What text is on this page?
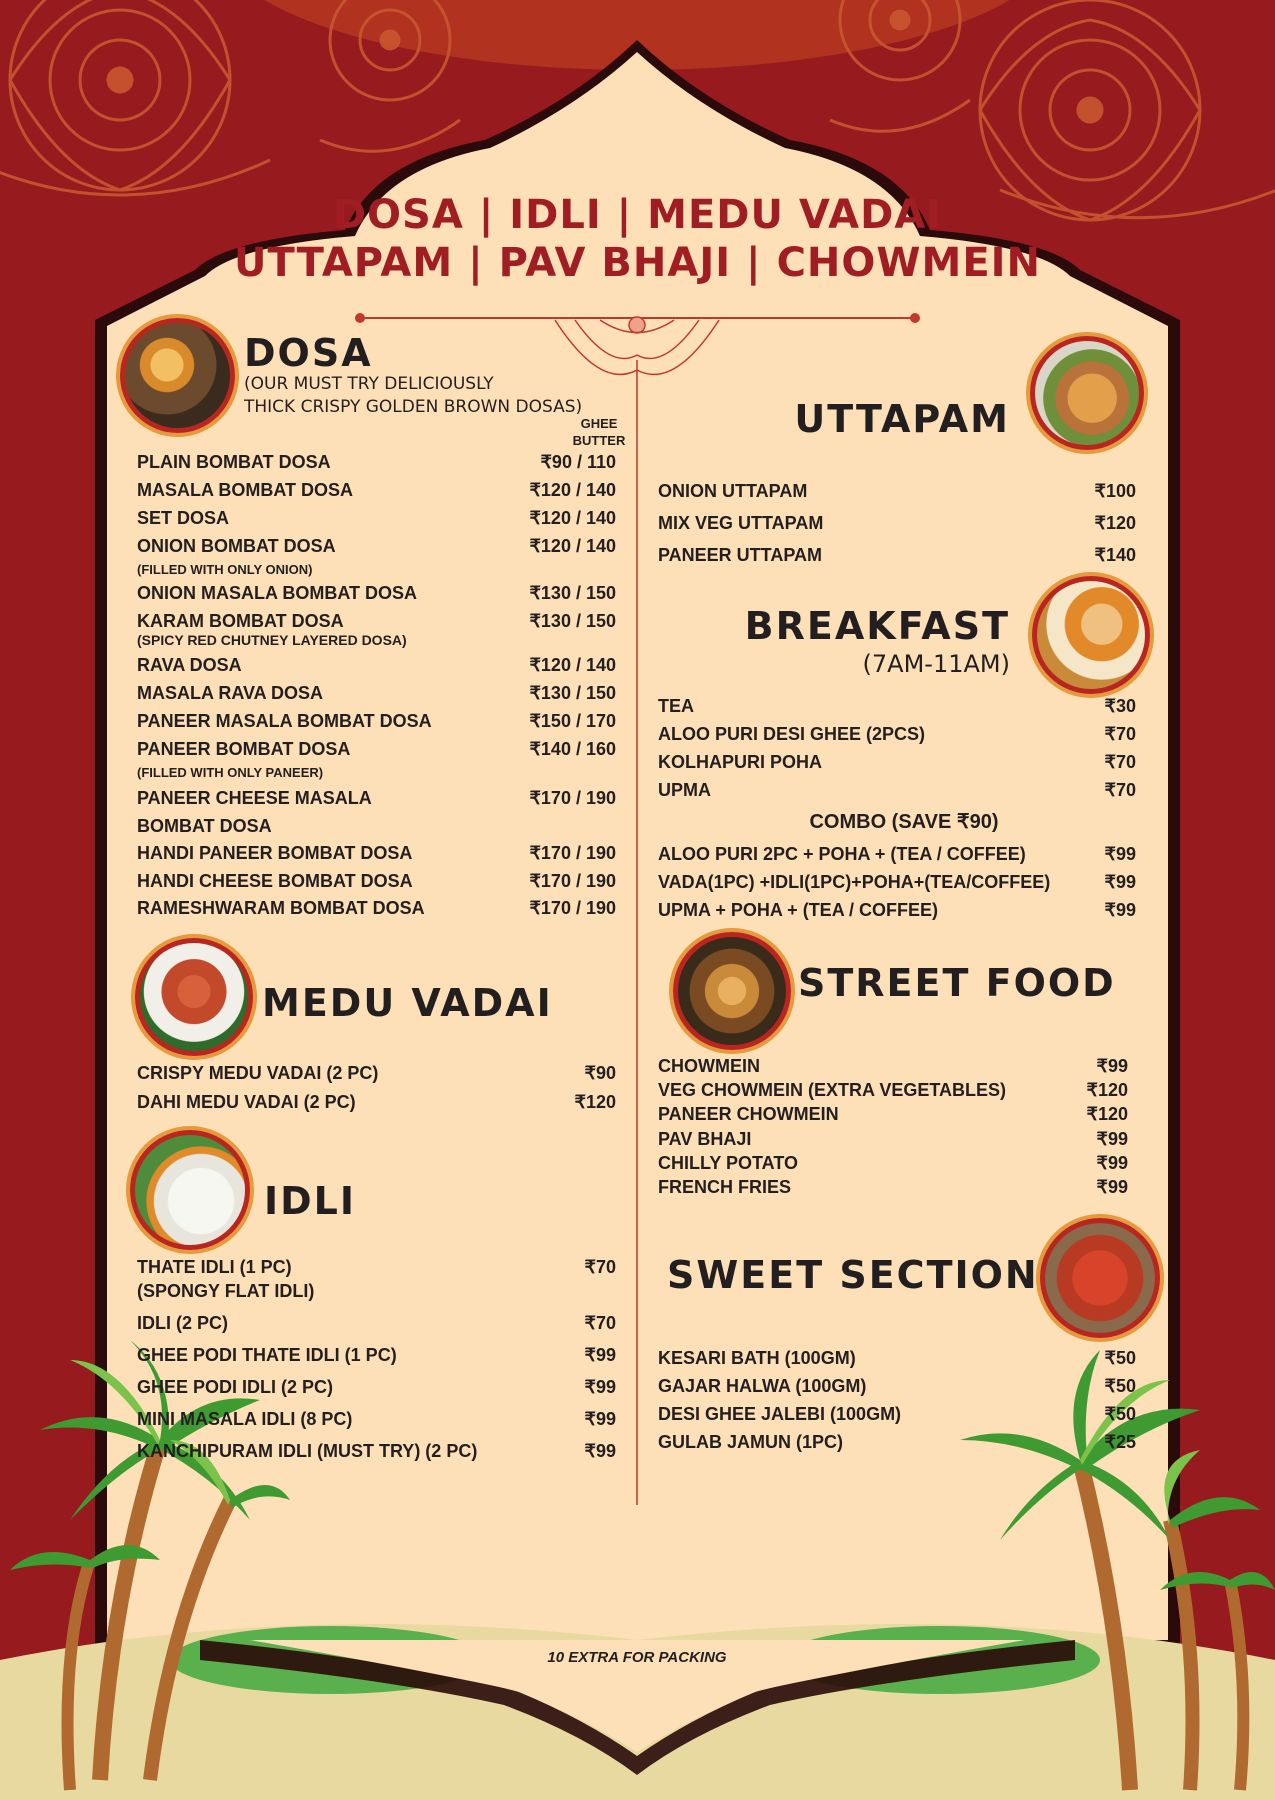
DOSA | IDLI | MEDU VADAI
UTTAPAM | PAV BHAJI | CHOWMEIN
DOSA
(OUR MUST TRY DELICIOUSLY
THICK CRISPY GOLDEN BROWN DOSAS)
GHEE
BUTTER
PLAIN BOMBAT DOSA	₹90 / 110
MASALA BOMBAT DOSA	₹120 / 140
SET DOSA	₹120 / 140
ONION BOMBAT DOSA	₹120 / 140
(FILLED WITH ONLY ONION)
ONION MASALA BOMBAT DOSA	₹130 / 150
KARAM BOMBAT DOSA	₹130 / 150
(SPICY RED CHUTNEY LAYERED DOSA)
RAVA DOSA	₹120 / 140
MASALA RAVA DOSA	₹130 / 150
PANEER MASALA BOMBAT DOSA	₹150 / 170
PANEER BOMBAT DOSA	₹140 / 160
(FILLED WITH ONLY PANEER)
PANEER CHEESE MASALA	₹170 / 190
BOMBAT DOSA
HANDI PANEER BOMBAT DOSA	₹170 / 190
HANDI CHEESE BOMBAT DOSA	₹170 / 190
RAMESHWARAM BOMBAT DOSA	₹170 / 190
MEDU VADAI
CRISPY MEDU VADAI (2 PC)	₹90
DAHI MEDU VADAI (2 PC)	₹120
IDLI
THATE IDLI (1 PC)	₹70
(SPONGY FLAT IDLI)
IDLI (2 PC)	₹70
GHEE PODI THATE IDLI (1 PC)	₹99
GHEE PODI IDLI (2 PC)	₹99
MINI MASALA IDLI (8 PC)	₹99
KANCHIPURAM IDLI (MUST TRY) (2 PC)	₹99
UTTAPAM
ONION UTTAPAM	₹100
MIX VEG UTTAPAM	₹120
PANEER UTTAPAM	₹140
BREAKFAST
(7AM-11AM)
TEA	₹30
ALOO PURI DESI GHEE (2PCS)	₹70
KOLHAPURI POHA	₹70
UPMA	₹70
COMBO (SAVE ₹90)
ALOO PURI 2PC + POHA + (TEA / COFFEE)	₹99
VADA(1PC) +IDLI(1PC)+POHA+(TEA/COFFEE)	₹99
UPMA + POHA + (TEA / COFFEE)	₹99
STREET FOOD
CHOWMEIN	₹99
VEG CHOWMEIN (EXTRA VEGETABLES)	₹120
PANEER CHOWMEIN	₹120
PAV BHAJI	₹99
CHILLY POTATO	₹99
FRENCH FRIES	₹99
SWEET SECTION
KESARI BATH (100GM)	₹50
GAJAR HALWA (100GM)	₹50
DESI GHEE JALEBI (100GM)	₹50
GULAB JAMUN (1PC)	₹25
10 EXTRA FOR PACKING
